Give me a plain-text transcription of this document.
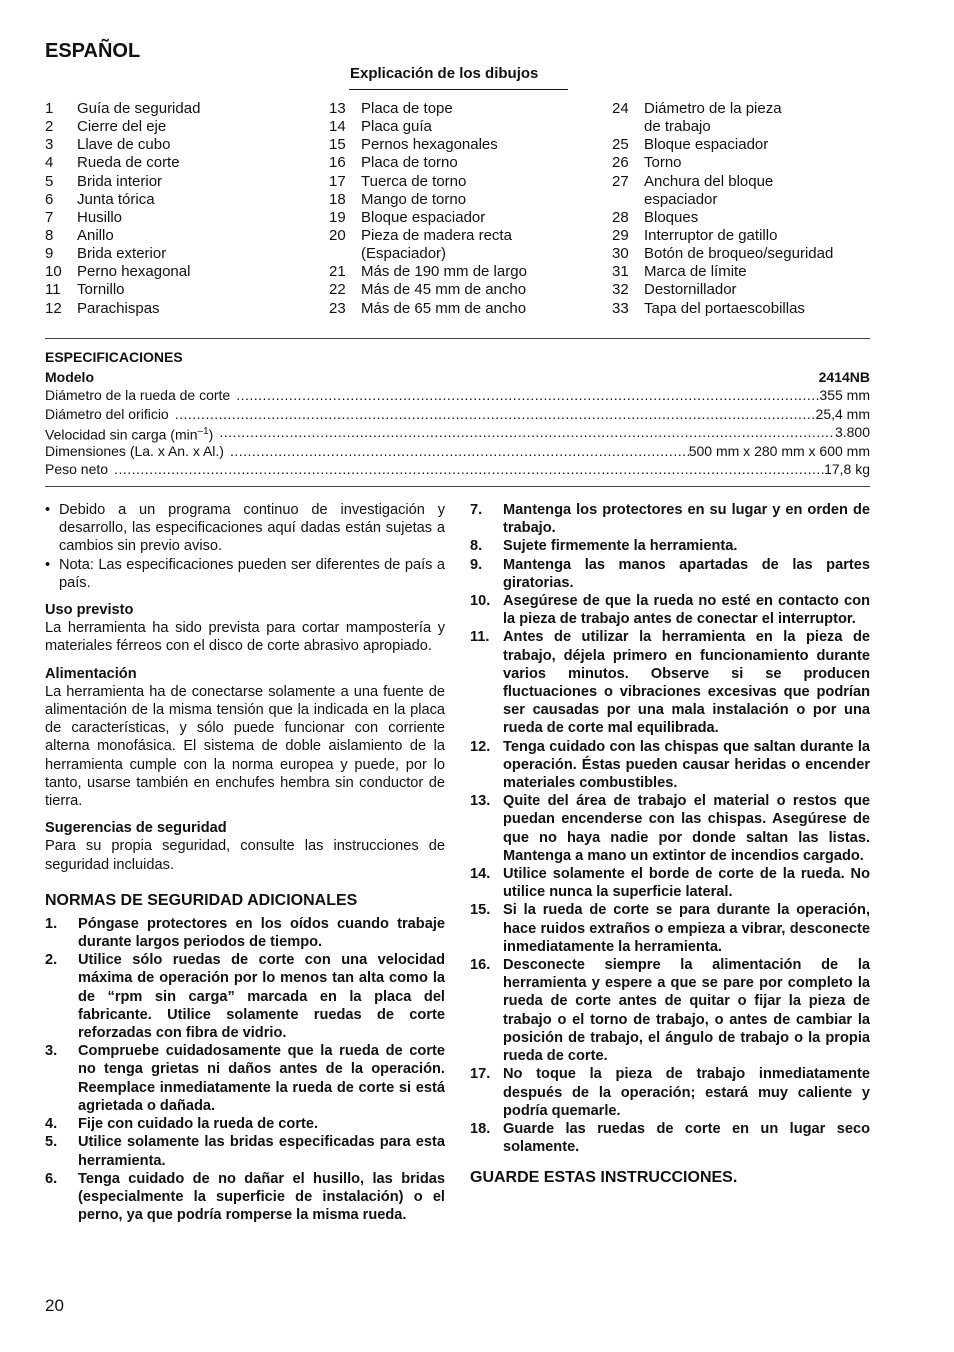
ESPAÑOL
Explicación de los dibujos
1 Guía de seguridad
2 Cierre del eje
3 Llave de cubo
4 Rueda de corte
5 Brida interior
6 Junta tórica
7 Husillo
8 Anillo
9 Brida exterior
10 Perno hexagonal
11 Tornillo
12 Parachispas
13 Placa de tope
14 Placa guía
15 Pernos hexagonales
16 Placa de torno
17 Tuerca de torno
18 Mango de torno
19 Bloque espaciador
20 Pieza de madera recta
(Espaciador)
21 Más de 190 mm de largo
22 Más de 45 mm de ancho
23 Más de 65 mm de ancho
24 Diámetro de la pieza
de trabajo
25 Bloque espaciador
26 Torno
27 Anchura del bloque
espaciador
28 Bloques
29 Interruptor de gatillo
30 Botón de broqueo/seguridad
31 Marca de límite
32 Destornillador
33 Tapa del portaescobillas
ESPECIFICACIONES
Modelo	2414NB
Diámetro de la rueda de corte .....	355 mm
Diámetro del orificio .....	25,4 mm
Velocidad sin carga $(\min^{-1})$ .....	3.800
Dimensiones (La. x An. x Al.) .....	500 mm x 280 mm x 600 mm
Peso neto .....	17,8 kg

• Debido a un programa continuo de investigación y desarrollo, las especificaciones aquí dadas están sujetas a cambios sin previo aviso.

• Nota: Las especificaciones pueden ser diferentes de país a país.

Uso previsto

La herramienta ha sido prevista para cortar mampostería y materiales férreos con el disco de corte abrasivo apropiado.

Alimentación

La herramienta ha de conectarse solamente a una fuente de alimentación de la misma tensión que la indicada en la placa de características, y sólo puede funcionar con corriente alterna monofásica. El sistema de doble aislamiento de la herramienta cumple con la norma europea y puede, por lo tanto, usarse también en enchufes hembra sin conductor de tierra.

Sugerencias de seguridad

Para su propia seguridad, consulte las instrucciones de seguridad incluidas.

NORMAS DE SEGURIDAD ADICIONALES

1. Póngase protectores en los oídos cuando trabaje durante largos periodos de tiempo.
2. Utilice sólo ruedas de corte con una velocidad máxima de operación por lo menos tan alta como la de “rpm sin carga” marcada en la placa del fabricante. Utilice solamente ruedas de corte reforzadas con fibra de vidrio.
3. Compruebe cuidadosamente que la rueda de corte no tenga grietas ni daños antes de la operación. Reemplace inmediatamente la rueda de corte si está agrietada o dañada.
4. Fije con cuidado la rueda de corte.
5. Utilice solamente las bridas especificadas para esta herramienta.
6. Tenga cuidado de no dañar el husillo, las bridas (especialmente la superficie de instalación) o el perno, ya que podría romperse la misma rueda.
7. Mantenga los protectores en su lugar y en orden de trabajo.
8. Sujete firmemente la herramienta.
9. Mantenga las manos apartadas de las partes giratorias.
10. Asegúrese de que la rueda no esté en contacto con la pieza de trabajo antes de conectar el interruptor.
11. Antes de utilizar la herramienta en la pieza de trabajo, déjela primero en funcionamiento durante varios minutos. Observe si se producen fluctuaciones o vibraciones excesivas que podrían ser causadas por una mala instalación o por una rueda de corte mal equilibrada.
12. Tenga cuidado con las chispas que saltan durante la operación. Éstas pueden causar heridas o encender materiales combustibles.
13. Quite del área de trabajo el material o restos que puedan encenderse con las chispas. Asegúrese de que no haya nadie por donde saltan las listas. Mantenga a mano un extintor de incendios cargado.
14. Utilice solamente el borde de corte de la rueda. No utilice nunca la superficie lateral.
15. Si la rueda de corte se para durante la operación, hace ruidos extraños o empieza a vibrar, desconecte inmediatamente la herramienta.
16. Desconecte siempre la alimentación de la herramienta y espere a que se pare por completo la rueda de corte antes de quitar o fijar la pieza de trabajo o el torno de trabajo, o antes de cambiar la posición de trabajo, el ángulo de trabajo o la propia rueda de corte.
17. No toque la pieza de trabajo inmediatamente después de la operación; estará muy caliente y podría quemarle.
18. Guarde las ruedas de corte en un lugar seco solamente.

GUARDE ESTAS INSTRUCCIONES.

20
